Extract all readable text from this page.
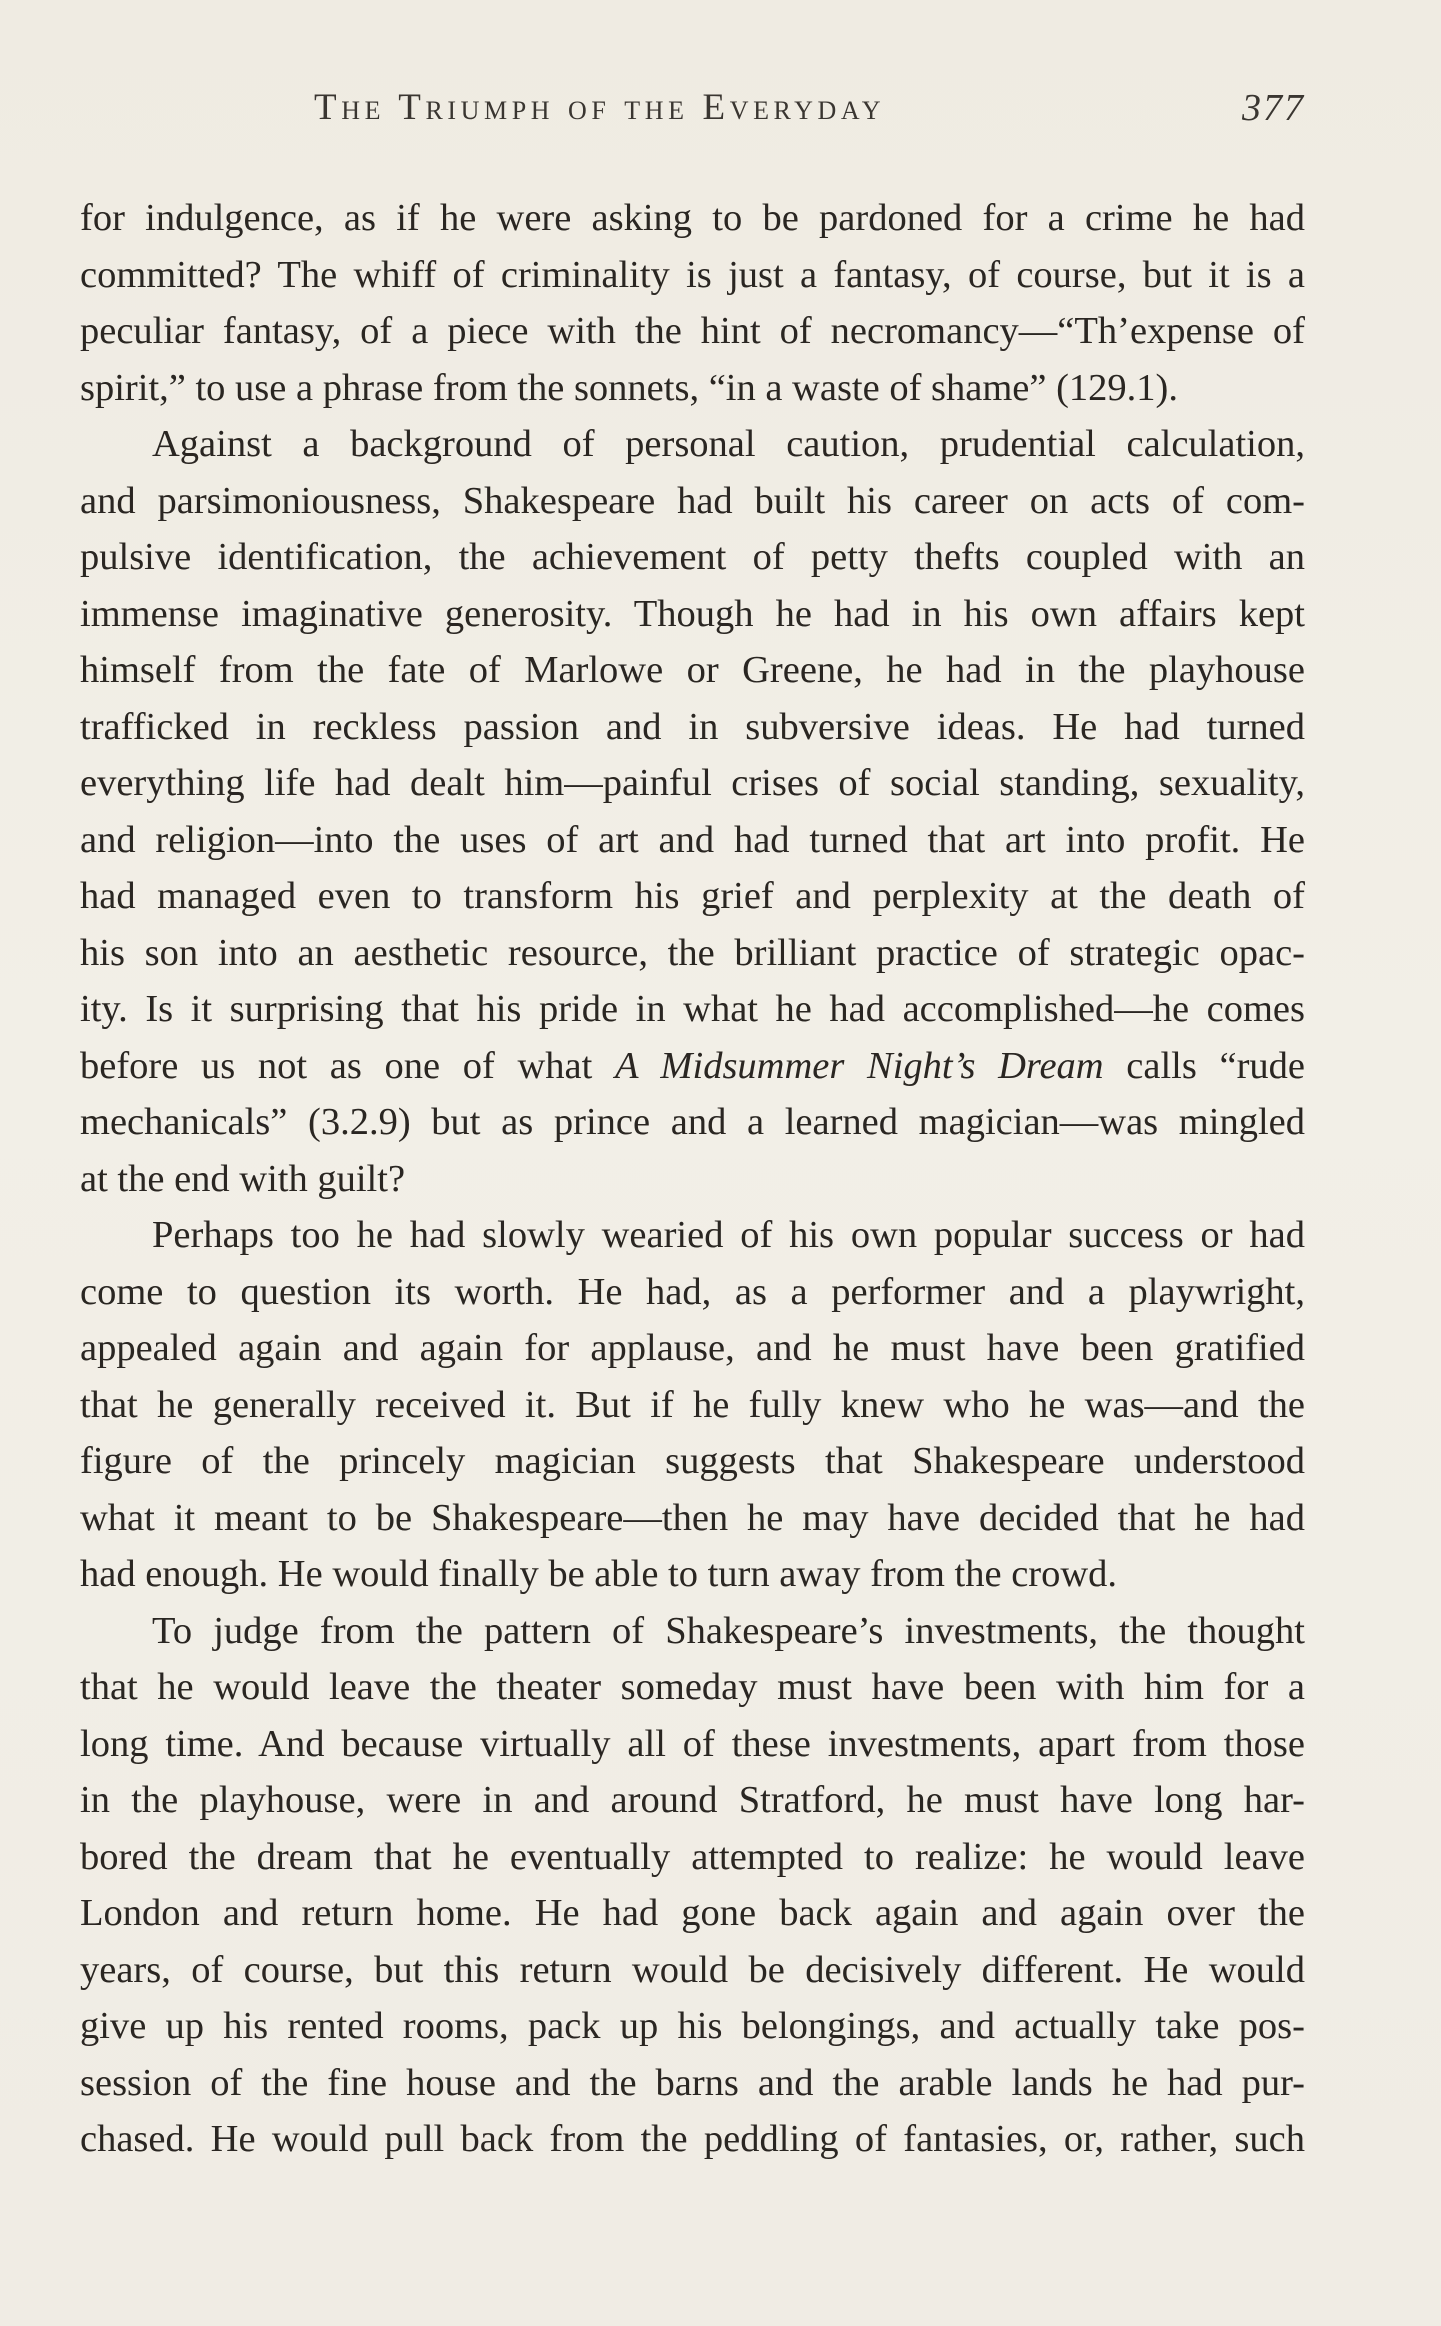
The Triumph of the Everyday	377
for indulgence, as if he were asking to be pardoned for a crime he had
committed? The whiff of criminality is just a fantasy, of course, but it is a
peculiar fantasy, of a piece with the hint of necromancy—“Th’expense of
spirit,” to use a phrase from the sonnets, “in a waste of shame” (129.1).
Against a background of personal caution, prudential calculation,
and parsimoniousness, Shakespeare had built his career on acts of com-
pulsive identification, the achievement of petty thefts coupled with an
immense imaginative generosity. Though he had in his own affairs kept
himself from the fate of Marlowe or Greene, he had in the playhouse
trafficked in reckless passion and in subversive ideas. He had turned
everything life had dealt him—painful crises of social standing, sexuality,
and religion—into the uses of art and had turned that art into profit. He
had managed even to transform his grief and perplexity at the death of
his son into an aesthetic resource, the brilliant practice of strategic opac-
ity. Is it surprising that his pride in what he had accomplished—he comes
before us not as one of what A Midsummer Night’s Dream calls “rude
mechanicals” (3.2.9) but as prince and a learned magician—was mingled
at the end with guilt?
Perhaps too he had slowly wearied of his own popular success or had
come to question its worth. He had, as a performer and a playwright,
appealed again and again for applause, and he must have been gratified
that he generally received it. But if he fully knew who he was—and the
figure of the princely magician suggests that Shakespeare understood
what it meant to be Shakespeare—then he may have decided that he had
had enough. He would finally be able to turn away from the crowd.
To judge from the pattern of Shakespeare’s investments, the thought
that he would leave the theater someday must have been with him for a
long time. And because virtually all of these investments, apart from those
in the playhouse, were in and around Stratford, he must have long har-
bored the dream that he eventually attempted to realize: he would leave
London and return home. He had gone back again and again over the
years, of course, but this return would be decisively different. He would
give up his rented rooms, pack up his belongings, and actually take pos-
session of the fine house and the barns and the arable lands he had pur-
chased. He would pull back from the peddling of fantasies, or, rather, such
